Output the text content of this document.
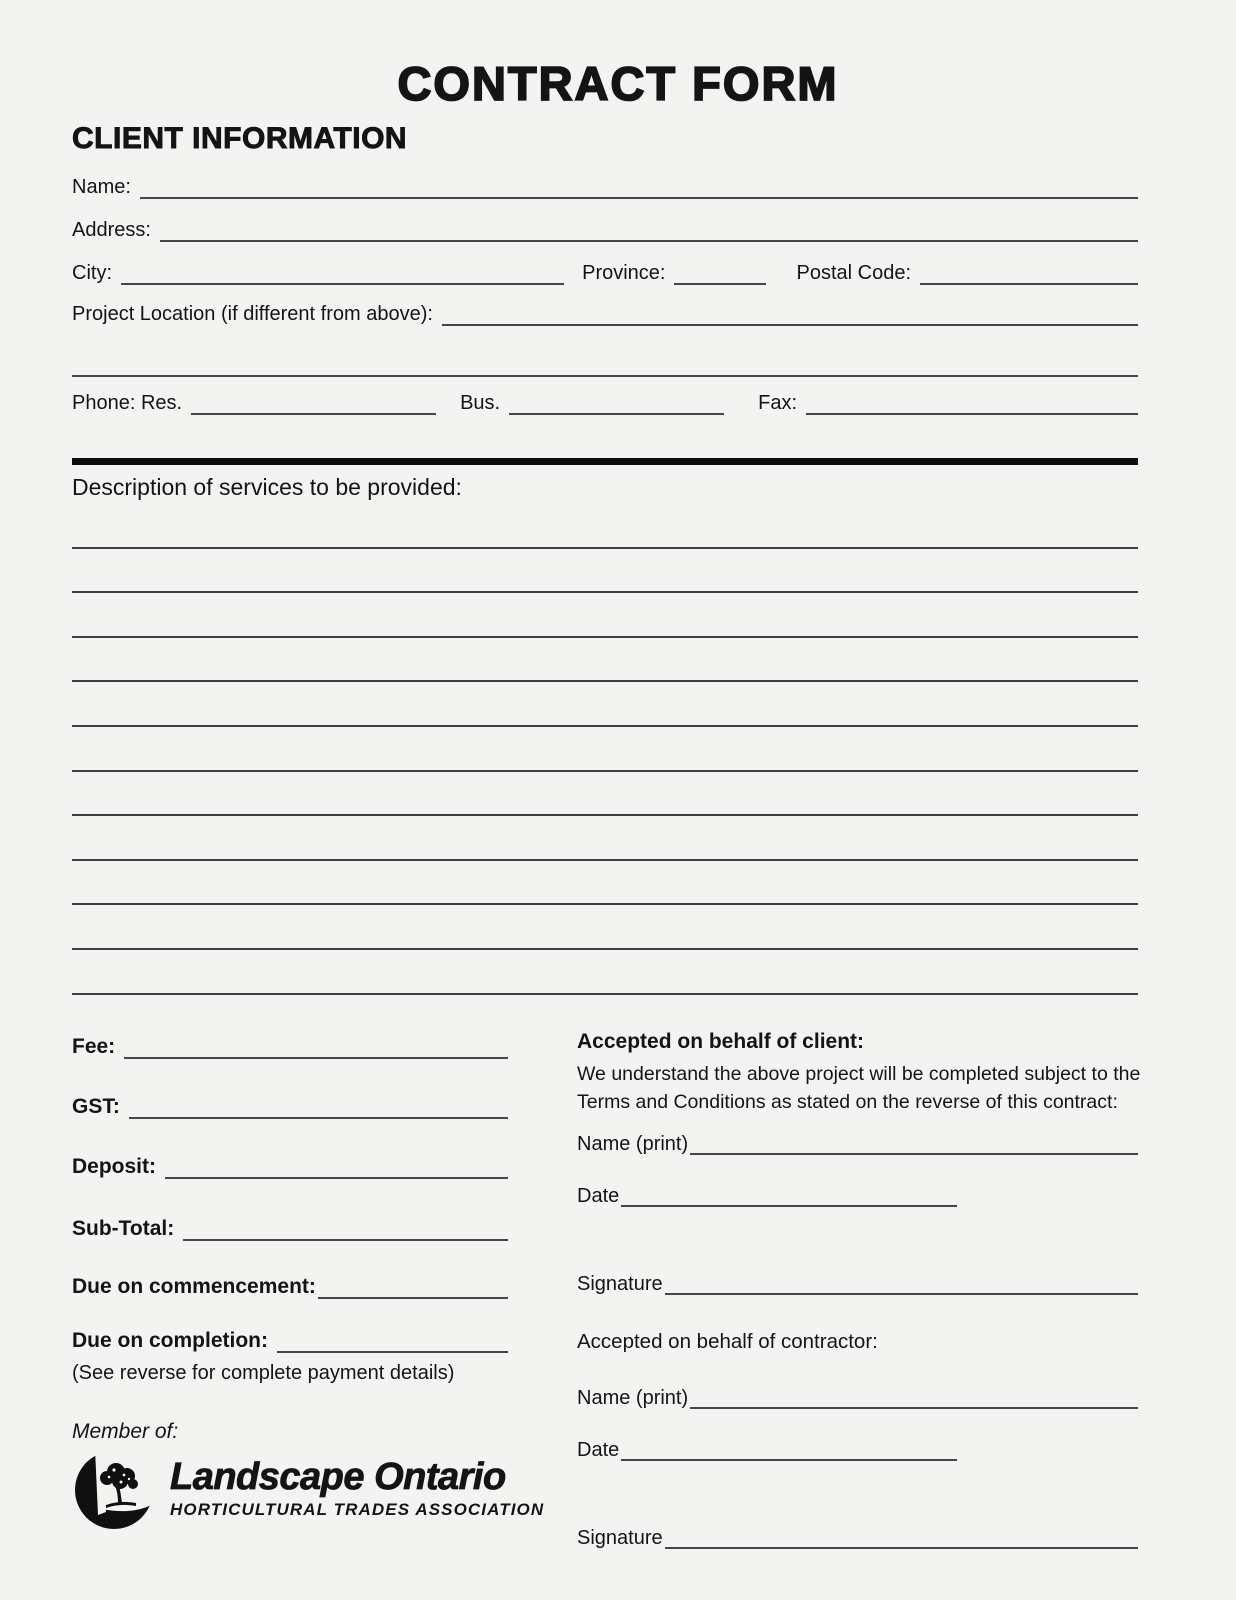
CONTRACT FORM
CLIENT INFORMATION
Name:
Address:
City:	Province:	Postal Code:
Project Location (if different from above):
Phone: Res.	Bus.	Fax:
Description of services to be provided:
Fee:
GST:
Deposit:
Sub-Total:
Due on commencement:
Due on completion:
(See reverse for complete payment details)
Member of:
Landscape Ontario
HORTICULTURAL TRADES ASSOCIATION
Accepted on behalf of client:
We understand the above project will be completed subject to the
Terms and Conditions as stated on the reverse of this contract:
Name (print)
Date
Signature
Accepted on behalf of contractor:
Name (print)
Date
Signature
